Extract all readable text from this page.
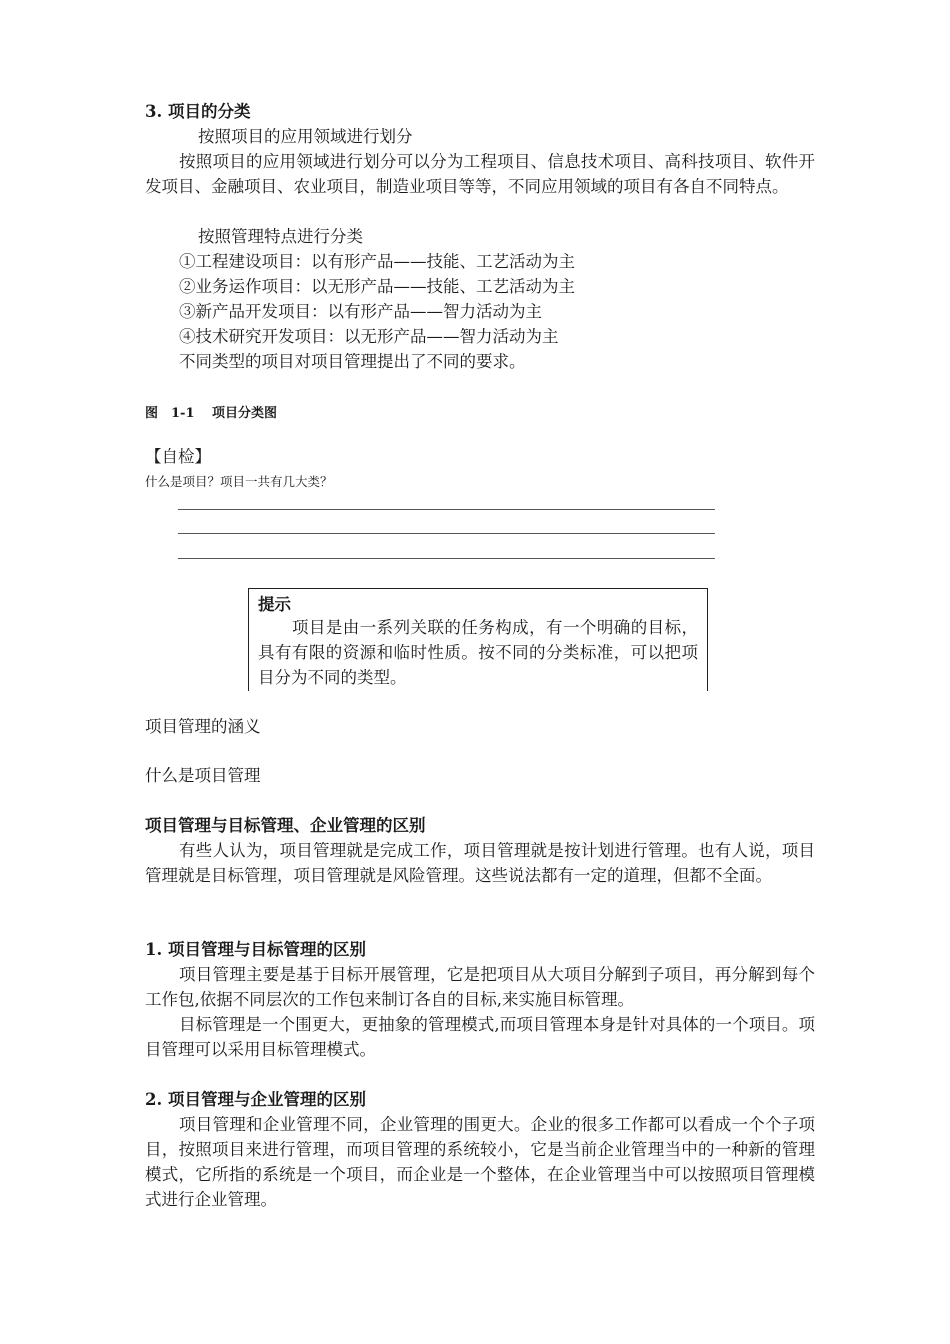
3. 项目的分类
按照项目的应用领域进行划分
按照项目的应用领域进行划分可以分为工程项目、信息技术项目、高科技项目、软件开发项目、金融项目、农业项目，制造业项目等等，不同应用领域的项目有各自不同特点。
按照管理特点进行分类
①工程建设项目：以有形产品——技能、工艺活动为主
②业务运作项目：以无形产品——技能、工艺活动为主
③新产品开发项目：以有形产品——智力活动为主
④技术研究开发项目：以无形产品——智力活动为主
不同类型的项目对项目管理提出了不同的要求。
图　1-1　 项目分类图
【自检】
什么是项目？项目一共有几大类？
提示
项目是由一系列关联的任务构成，有一个明确的目标，具有有限的资源和临时性质。按不同的分类标准，可以把项目分为不同的类型。
项目管理的涵义
什么是项目管理
项目管理与目标管理、企业管理的区别
有些人认为，项目管理就是完成工作，项目管理就是按计划进行管理。也有人说，项目管理就是目标管理，项目管理就是风险管理。这些说法都有一定的道理，但都不全面。
1. 项目管理与目标管理的区别
项目管理主要是基于目标开展管理，它是把项目从大项目分解到子项目，再分解到每个工作包,依据不同层次的工作包来制订各自的目标,来实施目标管理。
目标管理是一个围更大，更抽象的管理模式,而项目管理本身是针对具体的一个项目。项目管理可以采用目标管理模式。
2. 项目管理与企业管理的区别
项目管理和企业管理不同，企业管理的围更大。企业的很多工作都可以看成一个个子项目，按照项目来进行管理，而项目管理的系统较小，它是当前企业管理当中的一种新的管理模式，它所指的系统是一个项目，而企业是一个整体，在企业管理当中可以按照项目管理模式进行企业管理。
